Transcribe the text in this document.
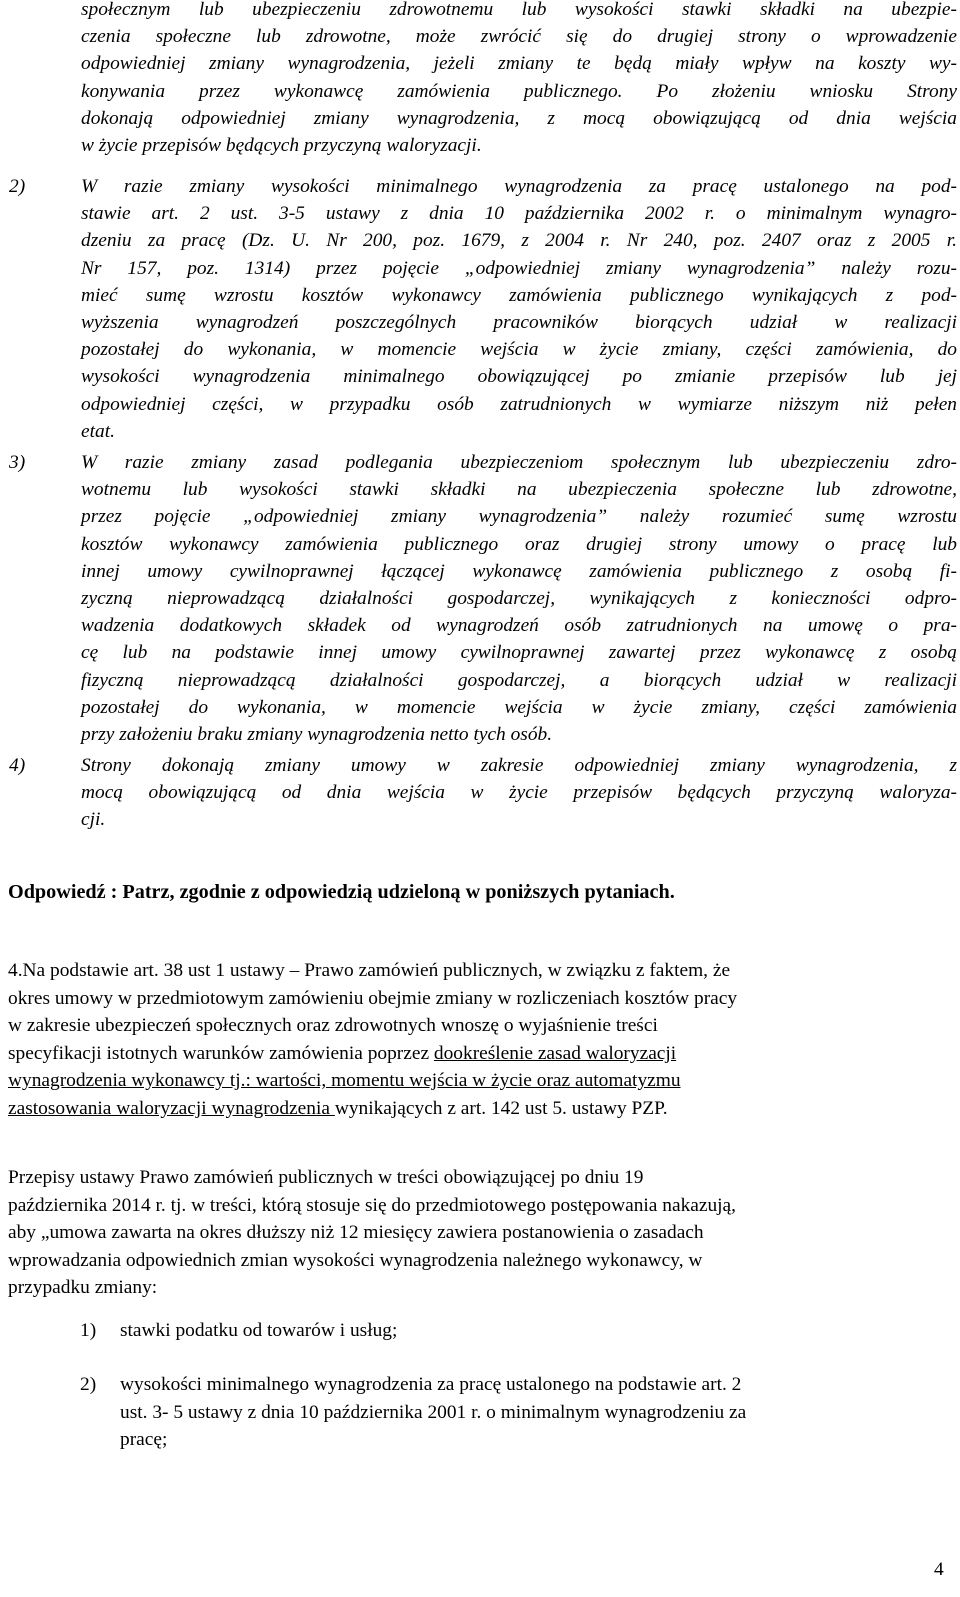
społecznym lub ubezpieczeniu zdrowotnemu lub wysokości stawki składki na ubezpie-
czenia społeczne lub zdrowotne, może zwrócić się do drugiej strony o wprowadzenie
odpowiedniej zmiany wynagrodzenia, jeżeli zmiany te będą miały wpływ na koszty wy-
konywania przez wykonawcę zamówienia publicznego. Po złożeniu wniosku Strony
dokonają odpowiedniej zmiany wynagrodzenia, z mocą obowiązującą od dnia wejścia
w życie przepisów będących przyczyną waloryzacji.
2)	W razie zmiany wysokości minimalnego wynagrodzenia za pracę ustalonego na pod-
stawie art. 2 ust. 3-5 ustawy z dnia 10 października 2002 r. o minimalnym wynagro-
dzeniu za pracę (Dz. U. Nr 200, poz. 1679, z 2004 r. Nr 240, poz. 2407 oraz z 2005 r.
Nr 157, poz. 1314) przez pojęcie „odpowiedniej zmiany wynagrodzenia” należy rozu-
mieć sumę wzrostu kosztów wykonawcy zamówienia publicznego wynikających z pod-
wyższenia wynagrodzeń poszczególnych pracowników biorących udział w realizacji
pozostałej do wykonania, w momencie wejścia w życie zmiany, części zamówienia, do
wysokości wynagrodzenia minimalnego obowiązującej po zmianie przepisów lub jej
odpowiedniej części, w przypadku osób zatrudnionych w wymiarze niższym niż pełen
etat.
3)	W razie zmiany zasad podlegania ubezpieczeniom społecznym lub ubezpieczeniu zdro-
wotnemu lub wysokości stawki składki na ubezpieczenia społeczne lub zdrowotne,
przez pojęcie „odpowiedniej zmiany wynagrodzenia” należy rozumieć sumę wzrostu
kosztów wykonawcy zamówienia publicznego oraz drugiej strony umowy o pracę lub
innej umowy cywilnoprawnej łączącej wykonawcę zamówienia publicznego z osobą fi-
zyczną nieprowadzącą działalności gospodarczej, wynikających z konieczności odpro-
wadzenia dodatkowych składek od wynagrodzeń osób zatrudnionych na umowę o pra-
cę lub na podstawie innej umowy cywilnoprawnej zawartej przez wykonawcę z osobą
fizyczną nieprowadzącą działalności gospodarczej, a biorących udział w realizacji
pozostałej do wykonania, w momencie wejścia w życie zmiany, części zamówienia
przy założeniu braku zmiany wynagrodzenia netto tych osób.
4)	Strony dokonają zmiany umowy w zakresie odpowiedniej zmiany wynagrodzenia, z
mocą obowiązującą od dnia wejścia w życie przepisów będących przyczyną waloryza-
cji.
Odpowiedź : Patrz, zgodnie z odpowiedzią udzieloną w poniższych pytaniach.
4.Na podstawie art. 38 ust 1 ustawy – Prawo zamówień publicznych, w związku z faktem, że
okres umowy w przedmiotowym zamówieniu obejmie zmiany w rozliczeniach kosztów pracy
w zakresie ubezpieczeń społecznych oraz zdrowotnych wnoszę o wyjaśnienie treści
specyfikacji istotnych warunków zamówienia poprzez dookreślenie zasad waloryzacji
wynagrodzenia wykonawcy tj.: wartości, momentu wejścia w życie oraz automatyzmu
zastosowania waloryzacji wynagrodzenia wynikających z art. 142 ust 5. ustawy PZP.
Przepisy ustawy Prawo zamówień publicznych w treści obowiązującej po dniu 19
października 2014 r. tj. w treści, którą stosuje się do przedmiotowego postępowania nakazują,
aby „umowa zawarta na okres dłuższy niż 12 miesięcy zawiera postanowienia o zasadach
wprowadzania odpowiednich zmian wysokości wynagrodzenia należnego wykonawcy, w
przypadku zmiany:
1)	stawki podatku od towarów i usług;
2)	wysokości minimalnego wynagrodzenia za pracę ustalonego na podstawie art. 2
ust. 3- 5 ustawy z dnia 10 października 2001 r. o minimalnym wynagrodzeniu za
pracę;
4
